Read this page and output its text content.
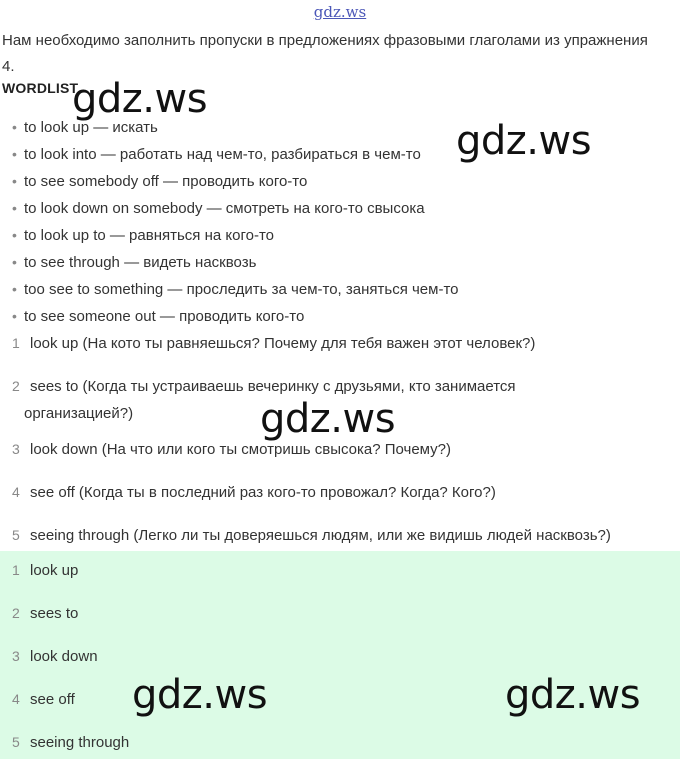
gdz.ws
Нам необходимо заполнить пропуски в предложениях фразовыми глаголами из упражнения 4.
WORDLIST
• to look up — искать
• to look into — работать над чем-то, разбираться в чем-то
• to see somebody off — проводить кого-то
• to look down on somebody — смотреть на кого-то свысока
• to look up to — равняться на кого-то
• to see through — видеть насквозь
• too see to something — проследить за чем-то, заняться чем-то
• to see someone out — проводить кого-то
1 look up (На кото ты равняешься? Почему для тебя важен этот человек?)
2 sees to (Когда ты устраиваешь вечеринку с друзьями, кто занимается
организацией?)
3 look down (На что или кого ты смотришь свысока? Почему?)
4 see off (Когда ты в последний раз кого-то провожал? Когда? Кого?)
5 seeing through (Легко ли ты доверяешься людям, или же видишь людей насквозь?)
1 look up
2 sees to
3 look down
4 see off
5 seeing through
gdz.ws
gdz.ws
gdz.ws
gdz.ws	gdz.ws
